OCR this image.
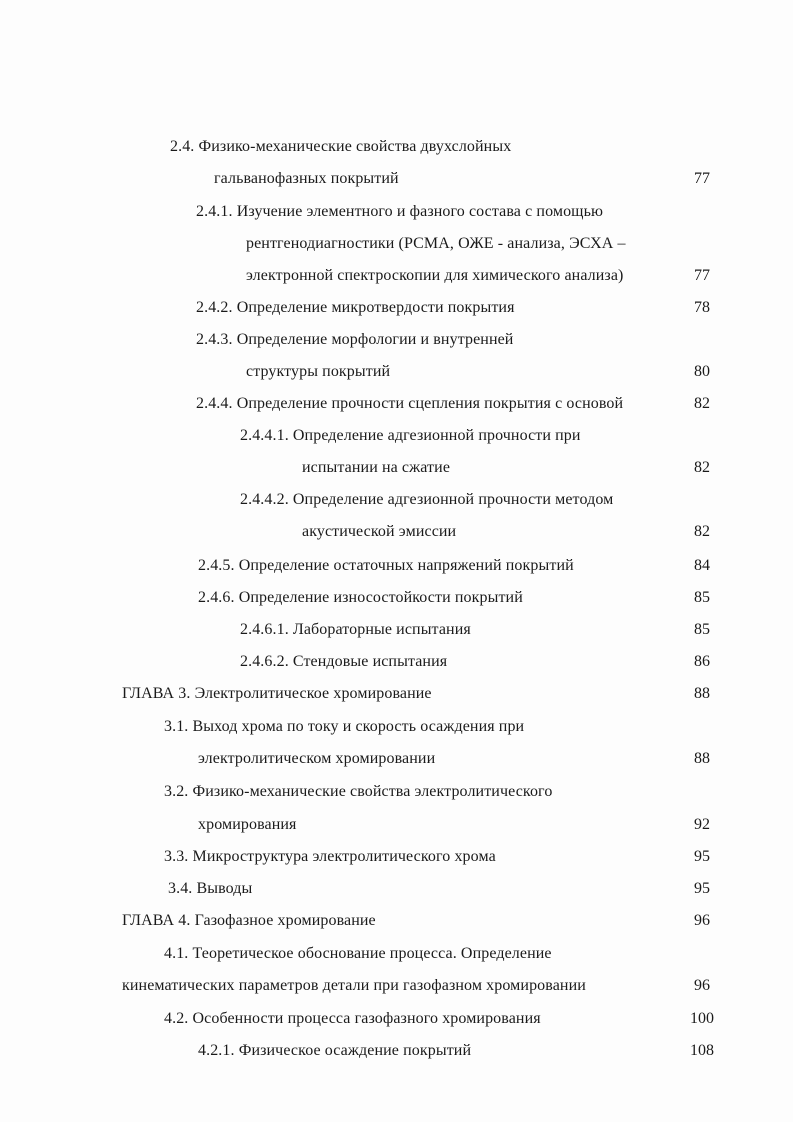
2.4. Физико-механические свойства двухслойных
гальванофазных покрытий	77
2.4.1. Изучение элементного и фазного состава с помощью
рентгенодиагностики (РСМА, ОЖЕ - анализа, ЭСХА –
электронной спектроскопии для химического анализа)	77
2.4.2. Определение микротвердости покрытия	78
2.4.3. Определение морфологии и внутренней
структуры покрытий	80
2.4.4. Определение прочности сцепления покрытия с основой	82
2.4.4.1. Определение адгезионной прочности при
испытании на сжатие	82
2.4.4.2. Определение адгезионной прочности методом
акустической эмиссии	82
2.4.5. Определение остаточных напряжений покрытий	84
2.4.6. Определение износостойкости покрытий	85
2.4.6.1. Лабораторные испытания	85
2.4.6.2. Стендовые испытания	86
ГЛАВА 3. Электролитическое хромирование	88
3.1. Выход хрома по току и скорость осаждения при
электролитическом хромировании	88
3.2. Физико-механические свойства электролитического
хромирования	92
3.3. Микроструктура электролитического хрома	95
3.4. Выводы	95
ГЛАВА 4. Газофазное хромирование	96
4.1. Теоретическое обоснование процесса. Определение
кинематических параметров детали при газофазном хромировании	96
4.2. Особенности процесса газофазного хромирования	100
4.2.1. Физическое осаждение покрытий	108
